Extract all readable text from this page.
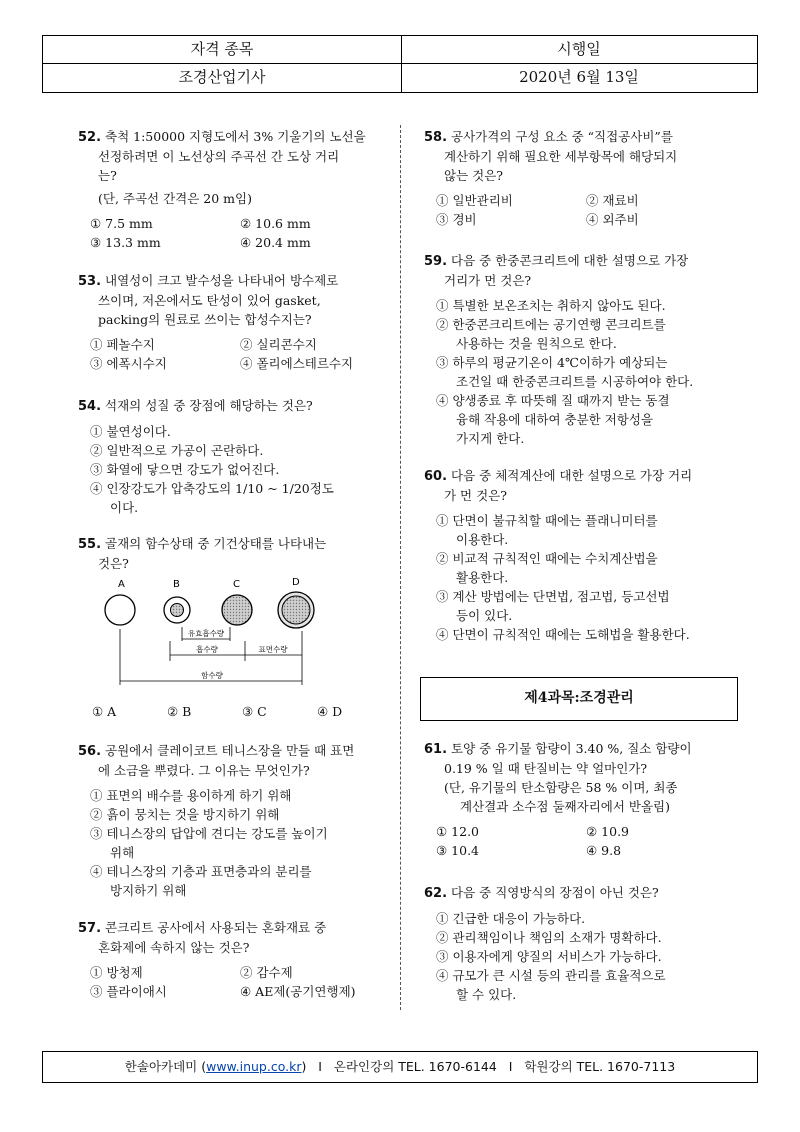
자격 종목	시행일
조경산업기사	2020년 6월 13일
52. 축척 1:50000 지형도에서 3% 기울기의 노선을
선정하려면 이 노선상의 주곡선 간 도상 거리
는?
(단, 주곡선 간격은 20 m임)
① 7.5 mm	② 10.6 mm
③ 13.3 mm	④ 20.4 mm
53. 내열성이 크고 발수성을 나타내어 방수제로
쓰이며, 저온에서도 탄성이 있어 gasket,
packing의 원료로 쓰이는 합성수지는?
① 페놀수지	② 실리콘수지
③ 에폭시수지	④ 폴리에스테르수지
54. 석재의 성질 중 장점에 해당하는 것은?
① 불연성이다.
② 일반적으로 가공이 곤란하다.
③ 화열에 닿으면 강도가 없어진다.
④ 인장강도가 압축강도의 1/10 ~ 1/20정도
이다.
55. 골재의 함수상태 중 기건상태를 나타내는
것은?
A	B	C	D
유효흡수량
흡수량	표면수량
함수량
① A	② B	③ C	④ D
56. 공원에서 클레이코트 테니스장을 만들 때 표면
에 소금을 뿌렸다. 그 이유는 무엇인가?
① 표면의 배수를 용이하게 하기 위해
② 흙이 뭉치는 것을 방지하기 위해
③ 테니스장의 답압에 견디는 강도를 높이기
위해
④ 테니스장의 기층과 표면층과의 분리를
방지하기 위해
57. 콘크리트 공사에서 사용되는 혼화재료 중
혼화제에 속하지 않는 것은?
① 방청제	② 감수제
③ 플라이애시	④ AE제(공기연행제)
58. 공사가격의 구성 요소 중 “직접공사비”를
계산하기 위해 필요한 세부항목에 해당되지
않는 것은?
① 일반관리비	② 재료비
③ 경비	④ 외주비
59. 다음 중 한중콘크리트에 대한 설명으로 가장
거리가 먼 것은?
① 특별한 보온조치는 취하지 않아도 된다.
② 한중콘크리트에는 공기연행 콘크리트를
사용하는 것을 원칙으로 한다.
③ 하루의 평균기온이 4℃이하가 예상되는
조건일 때 한중콘크리트를 시공하여야 한다.
④ 양생종료 후 따뜻해 질 때까지 받는 동결
융해 작용에 대하여 충분한 저항성을
가지게 한다.
60. 다음 중 체적계산에 대한 설명으로 가장 거리
가 먼 것은?
① 단면이 불규칙할 때에는 플래니미터를
이용한다.
② 비교적 규칙적인 때에는 수치계산법을
활용한다.
③ 계산 방법에는 단면법, 점고법, 등고선법
등이 있다.
④ 단면이 규칙적인 때에는 도해법을 활용한다.
제4과목:조경관리
61. 토양 중 유기물 함량이 3.40 %, 질소 함량이
0.19 % 일 때 탄질비는 약 얼마인가?
(단, 유기물의 탄소함량은 58 % 이며, 최종
계산결과 소수점 둘째자리에서 반올림)
① 12.0	② 10.9
③ 10.4	④ 9.8
62. 다음 중 직영방식의 장점이 아닌 것은?
① 긴급한 대응이 가능하다.
② 관리책임이나 책임의 소재가 명확하다.
③ 이용자에게 양질의 서비스가 가능하다.
④ 규모가 큰 시설 등의 관리를 효율적으로
할 수 있다.
한솔아카데미 (www.inup.co.kr)   I   온라인강의 TEL. 1670-6144   I   학원강의 TEL. 1670-7113
